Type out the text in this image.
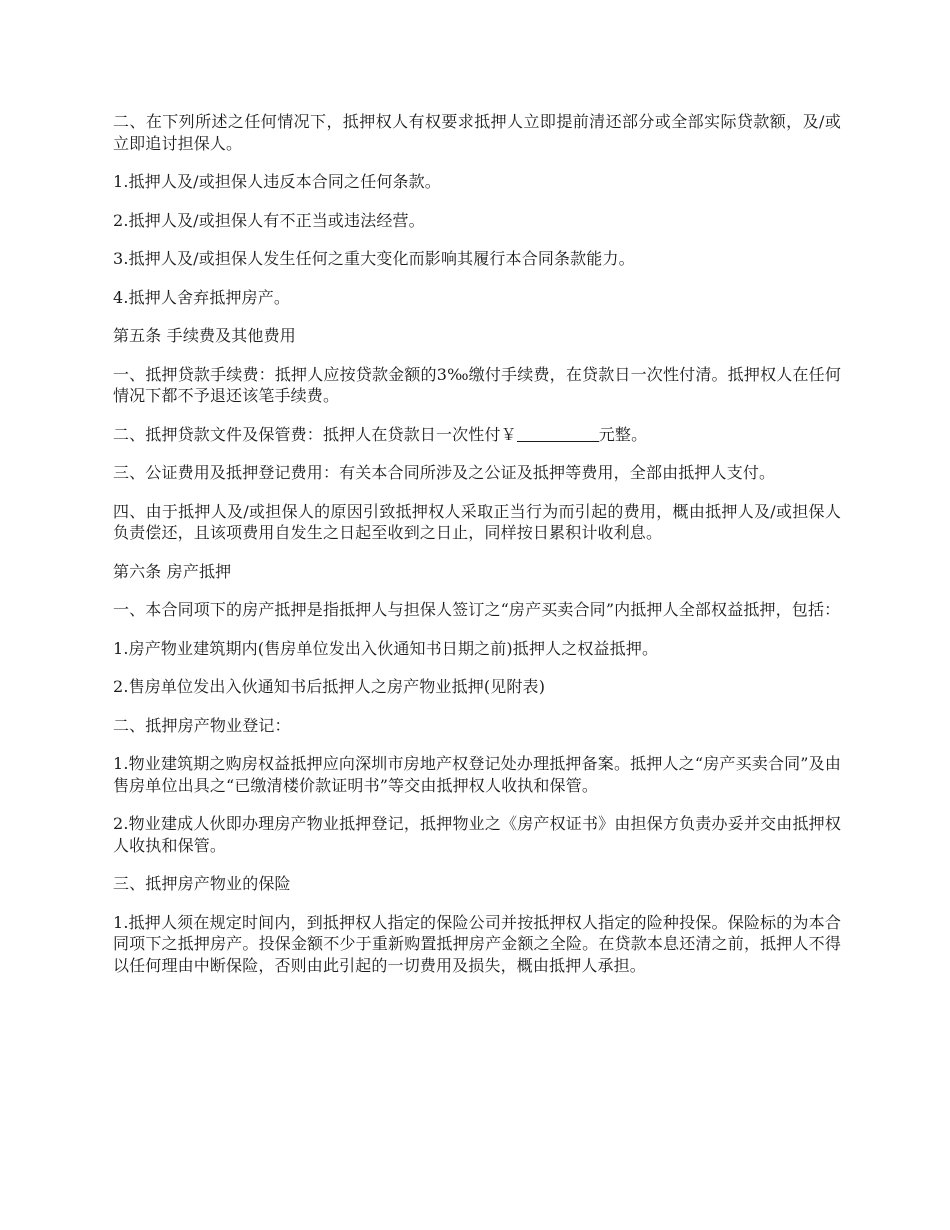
二、在下列所述之任何情况下，抵押权人有权要求抵押人立即提前清还部分或全部实际贷款额，及/或立即追讨担保人。

1.抵押人及/或担保人违反本合同之任何条款。

2.抵押人及/或担保人有不正当或违法经营。

3.抵押人及/或担保人发生任何之重大变化而影响其履行本合同条款能力。

4.抵押人舍弃抵押房产。

第五条 手续费及其他费用

一、抵押贷款手续费：抵押人应按贷款金额的3‰缴付手续费，在贷款日一次性付清。抵押权人在任何情况下都不予退还该笔手续费。

二、抵押贷款文件及保管费：抵押人在贷款日一次性付￥	元整。

三、公证费用及抵押登记费用：有关本合同所涉及之公证及抵押等费用，全部由抵押人支付。

四、由于抵押人及/或担保人的原因引致抵押权人采取正当行为而引起的费用，概由抵押人及/或担保人负责偿还，且该项费用自发生之日起至收到之日止，同样按日累积计收利息。

第六条 房产抵押

一、本合同项下的房产抵押是指抵押人与担保人签订之“房产买卖合同”内抵押人全部权益抵押，包括：

1.房产物业建筑期内(售房单位发出入伙通知书日期之前)抵押人之权益抵押。

2.售房单位发出入伙通知书后抵押人之房产物业抵押(见附表)

二、抵押房产物业登记：

1.物业建筑期之购房权益抵押应向深圳市房地产权登记处办理抵押备案。抵押人之“房产买卖合同”及由售房单位出具之“已缴清楼价款证明书”等交由抵押权人收执和保管。

2.物业建成人伙即办理房产物业抵押登记，抵押物业之《房产权证书》由担保方负责办妥并交由抵押权人收执和保管。

三、抵押房产物业的保险

1.抵押人须在规定时间内，到抵押权人指定的保险公司并按抵押权人指定的险种投保。保险标的为本合同项下之抵押房产。投保金额不少于重新购置抵押房产金额之全险。在贷款本息还清之前，抵押人不得以任何理由中断保险，否则由此引起的一切费用及损失，概由抵押人承担。
